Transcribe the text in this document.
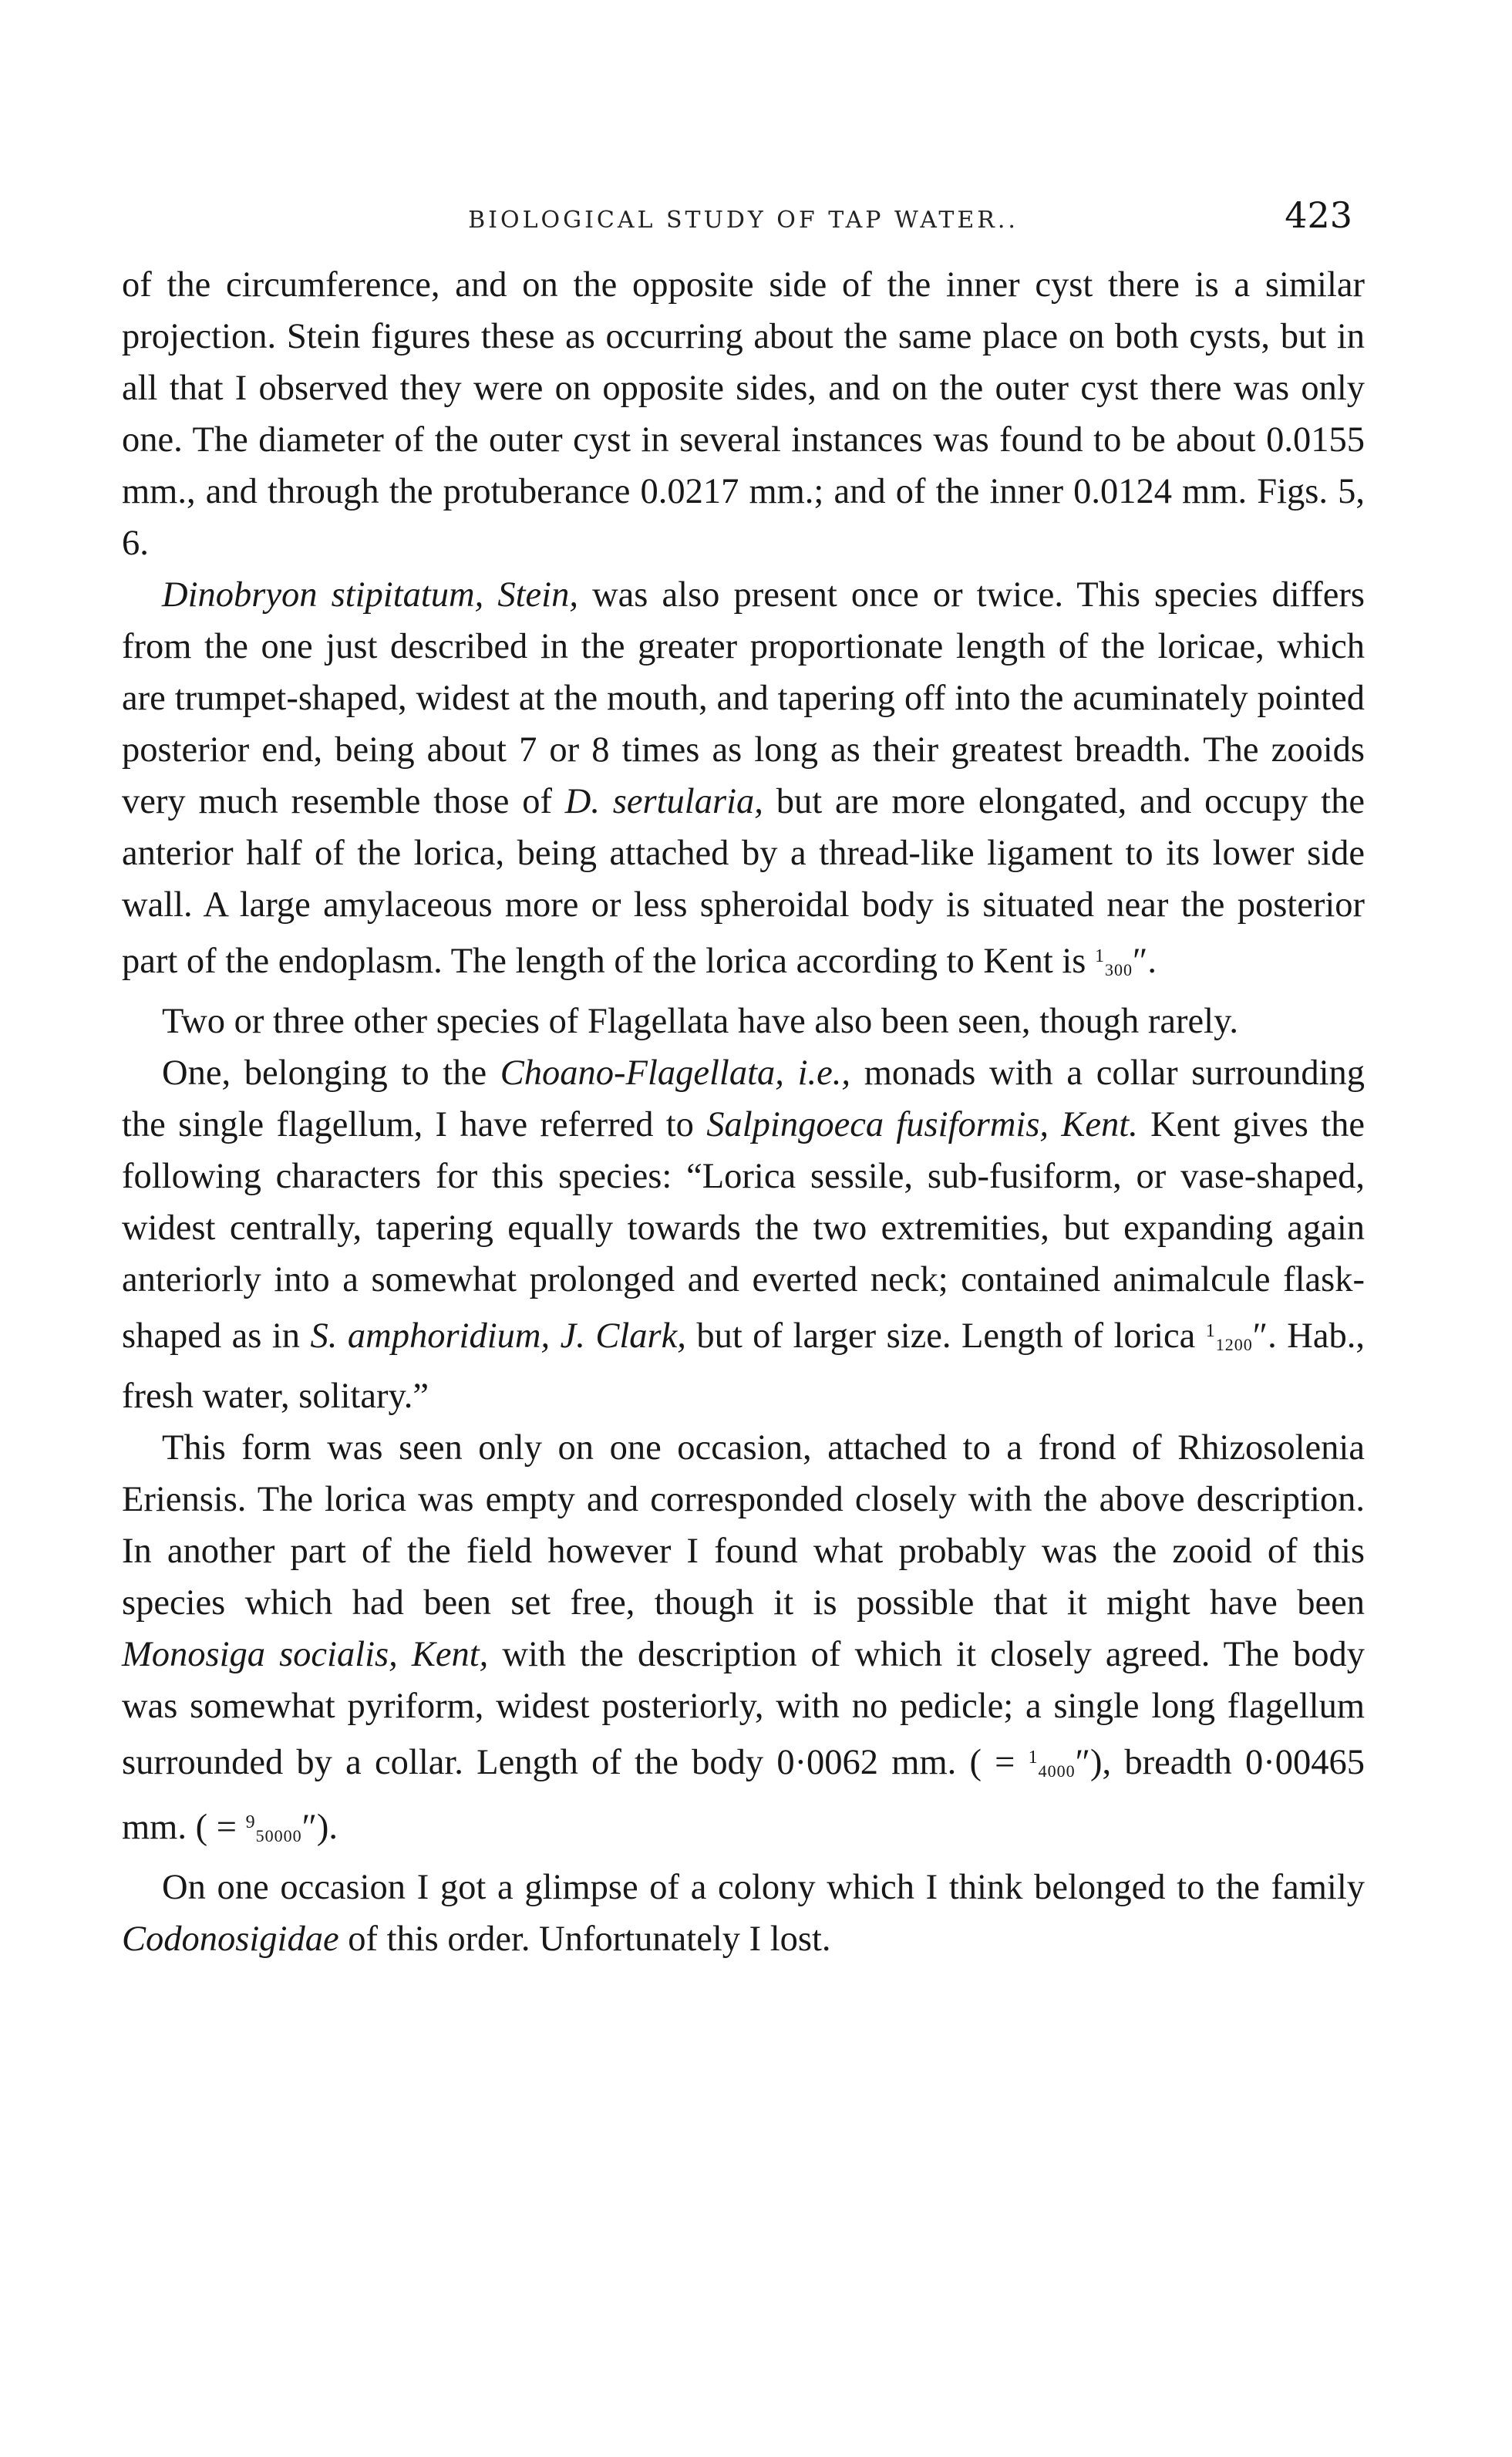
BIOLOGICAL STUDY OF TAP WATER..	423

of the circumference, and on the opposite side of the inner cyst there is a similar projection. Stein figures these as occurring about the same place on both cysts, but in all that I observed they were on opposite sides, and on the outer cyst there was only one. The diameter of the outer cyst in several instances was found to be about 0.0155 mm., and through the protuberance 0.0217 mm.; and of the inner 0.0124 mm. Figs. 5, 6.

Dinobryon stipitatum, Stein, was also present once or twice. This species differs from the one just described in the greater proportionate length of the loricae, which are trumpet-shaped, widest at the mouth, and tapering off into the acuminately pointed posterior end, being about 7 or 8 times as long as their greatest breadth. The zooids very much resemble those of D. sertularia, but are more elongated, and occupy the anterior half of the lorica, being attached by a thread-like ligament to its lower side wall. A large amylaceous more or less spheroidal body is situated near the posterior part of the endoplasm. The length of the lorica according to Kent is $^1$300″.

Two or three other species of Flagellata have also been seen, though rarely.

One, belonging to the Choano-Flagellata, i.e., monads with a collar surrounding the single flagellum, I have referred to Salpingoeca fusiformis, Kent. Kent gives the following characters for this species: “Lorica sessile, sub-fusiform, or vase-shaped, widest centrally, tapering equally towards the two extremities, but expanding again anteriorly into a somewhat prolonged and everted neck; contained animalcule flask-shaped as in S. amphoridium, J. Clark, but of larger size. Length of lorica $^1$1200″. Hab., fresh water, solitary.”

This form was seen only on one occasion, attached to a frond of Rhizosolenia Eriensis. The lorica was empty and corresponded closely with the above description. In another part of the field however I found what probably was the zooid of this species which had been set free, though it is possible that it might have been Monosiga socialis, Kent, with the description of which it closely agreed. The body was somewhat pyriform, widest posteriorly, with no pedicle; a single long flagellum surrounded by a collar. Length of the body 0·0062 mm. ( = $^1$4000″), breadth 0·00465 mm. ( = $^9$50000″).

On one occasion I got a glimpse of a colony which I think belonged to the family Codonosigidae of this order. Unfortunately I lost.
